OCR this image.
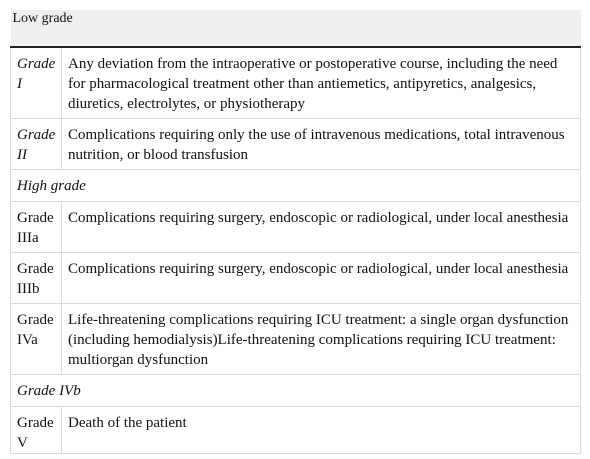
Low grade	
Grade I	Any deviation from the intraoperative or postoperative course, including the need for pharmacological treatment other than antiemetics, antipyretics, analgesics, diuretics, electrolytes, or physiotherapy
Grade II	Complications requiring only the use of intravenous medications, total intravenous nutrition, or blood transfusion
High grade	
Grade IIIa	Complications requiring surgery, endoscopic or radiological, under local anesthesia
Grade IIIb	Complications requiring surgery, endoscopic or radiological, under local anesthesia
Grade IVa	Life-threatening complications requiring ICU treatment: a single organ dysfunction (including hemodialysis)Life-threatening complications requiring ICU treatment: multiorgan dysfunction
Grade IVb	
Grade V	Death of the patient
